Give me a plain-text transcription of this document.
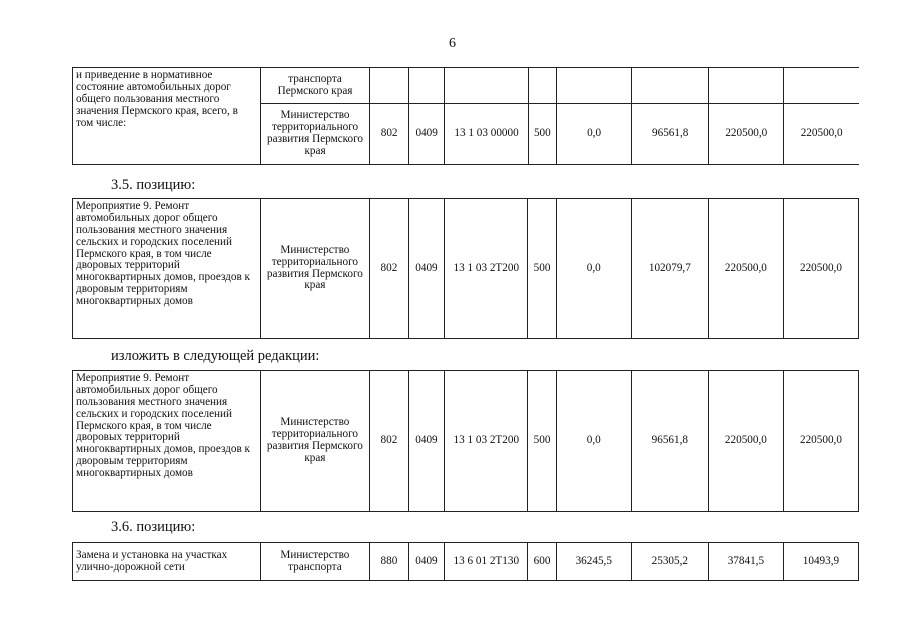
6
и приведение в нормативное состояние автомобильных дорог общего пользования местного значения Пермского края, всего, в том числе:	транспорта Пермского края								
	Министерство территориального развития Пермского края	802	0409	13 1 03 00000	500	0,0	96561,8	220500,0	220500,0
3.5. позицию:
Мероприятие 9. Ремонт автомобильных дорог общего пользования местного значения сельских и городских поселений Пермского края, в том числе дворовых территорий многоквартирных домов, проездов к дворовым территориям многоквартирных домов	Министерство территориального развития Пермского края	802	0409	13 1 03 2Т200	500	0,0	102079,7	220500,0	220500,0
изложить в следующей редакции:
Мероприятие 9. Ремонт автомобильных дорог общего пользования местного значения сельских и городских поселений Пермского края, в том числе дворовых территорий многоквартирных домов, проездов к дворовым территориям многоквартирных домов	Министерство территориального развития Пермского края	802	0409	13 1 03 2Т200	500	0,0	96561,8	220500,0	220500,0
3.6. позицию:
Замена и установка на участках улично-дорожной сети	Министерство транспорта	880	0409	13 6 01 2Т130	600	36245,5	25305,2	37841,5	10493,9
